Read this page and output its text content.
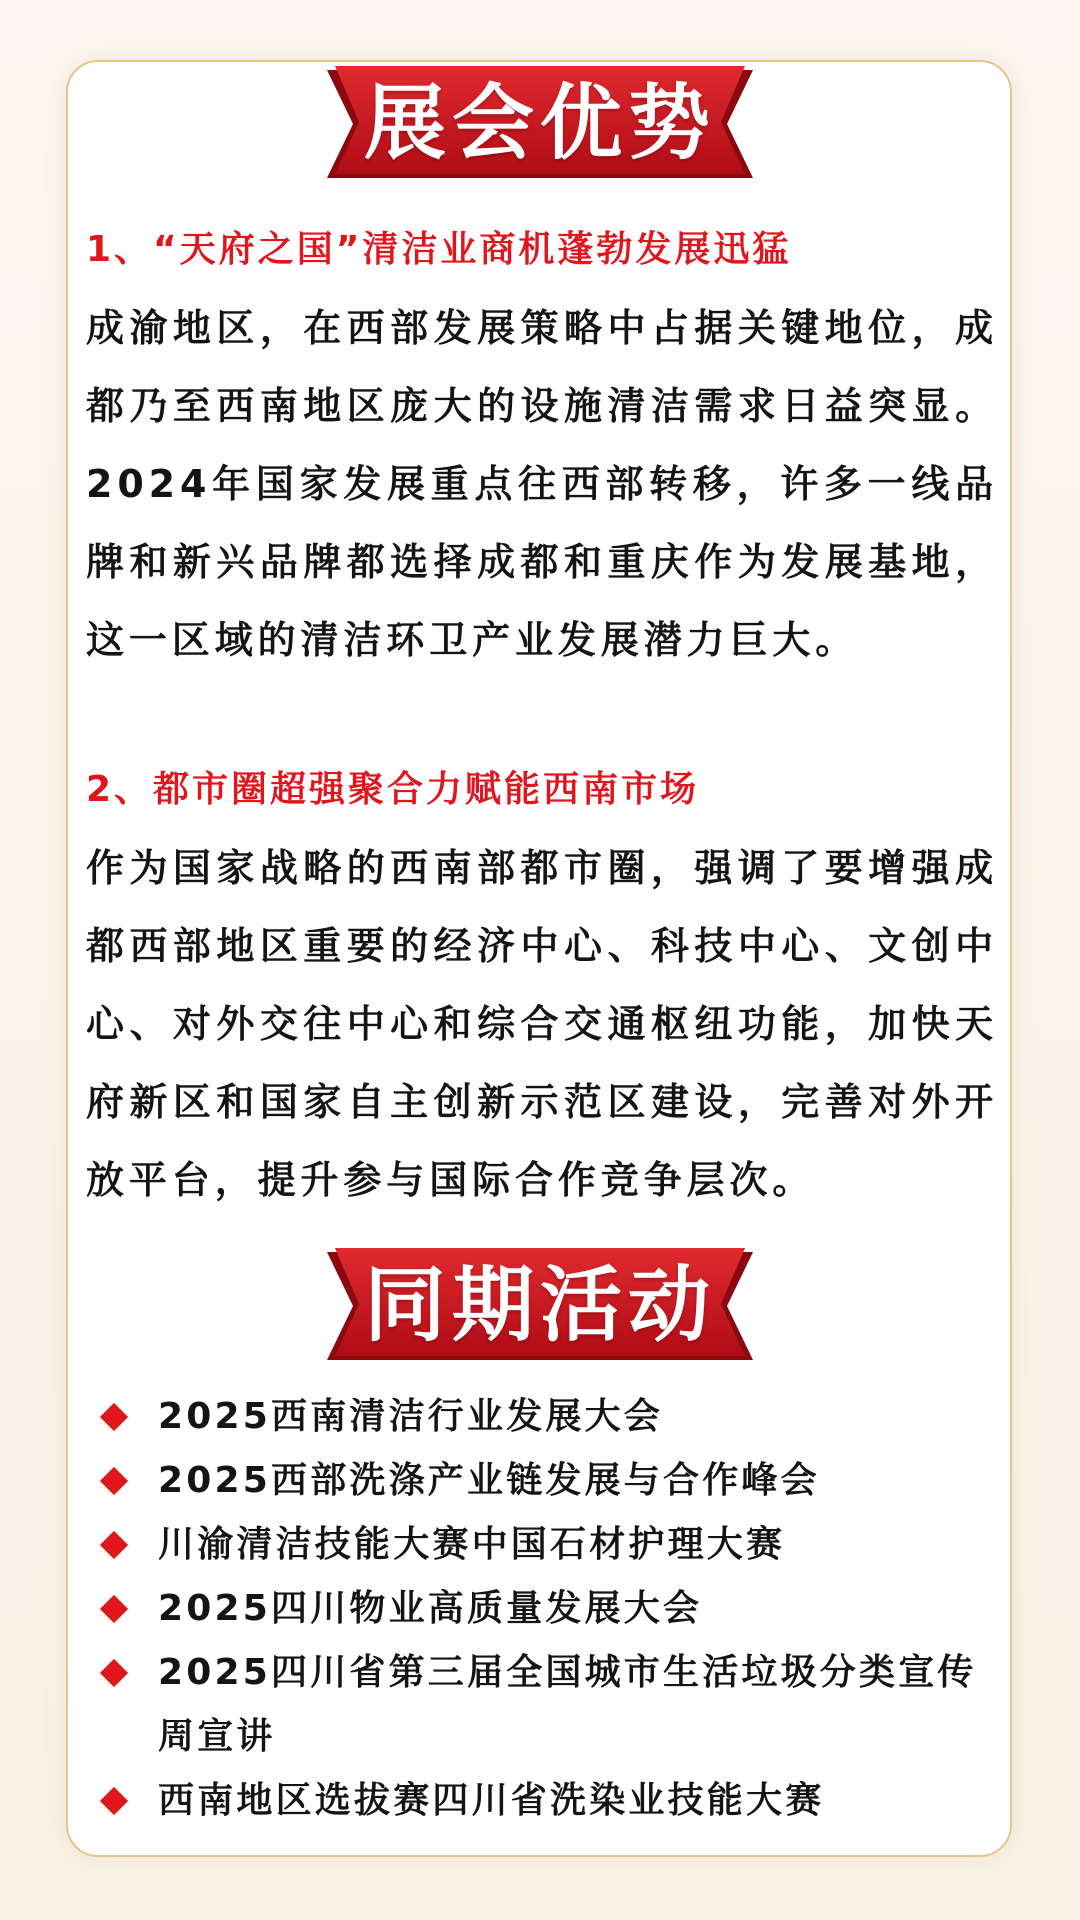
展会优势
1、“天府之国”清洁业商机蓬勃发展迅猛
成渝地区，在西部发展策略中占据关键地位，成都乃至西南地区庞大的设施清洁需求日益突显。2024年国家发展重点往西部转移，许多一线品牌和新兴品牌都选择成都和重庆作为发展基地，这一区域的清洁环卫产业发展潜力巨大。
2、都市圈超强聚合力赋能西南市场
作为国家战略的西南部都市圈，强调了要增强成都西部地区重要的经济中心、科技中心、文创中心、对外交往中心和综合交通枢纽功能，加快天府新区和国家自主创新示范区建设，完善对外开放平台，提升参与国际合作竞争层次。
同期活动
2025西南清洁行业发展大会
2025西部洗涤产业链发展与合作峰会
川渝清洁技能大赛中国石材护理大赛
2025四川物业高质量发展大会
2025四川省第三届全国城市生活垃圾分类宣传周宣讲
西南地区选拔赛四川省洗染业技能大赛
